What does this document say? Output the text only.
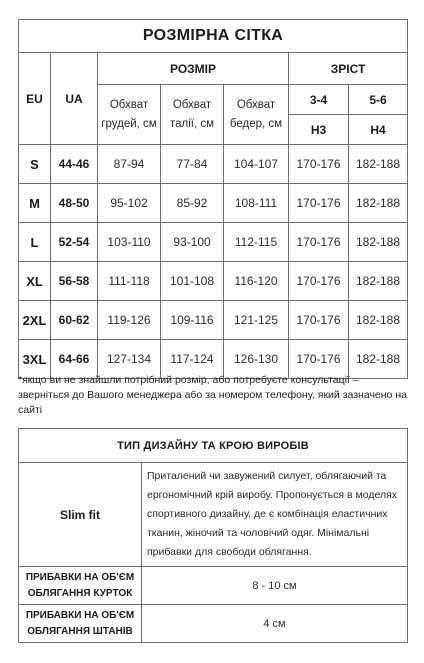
РОЗМІРНА СІТКА						
EU	UA	РОЗМІР			ЗРІСТ	
		Обхват грудей, см	Обхват талії, см	Обхват бедер, см	3-4	5-6
					Н3	Н4
S	44-46	87-94	77-84	104-107	170-176	182-188
M	48-50	95-102	85-92	108-111	170-176	182-188
L	52-54	103-110	93-100	112-115	170-176	182-188
XL	56-58	111-118	101-108	116-120	170-176	182-188
2XL	60-62	119-126	109-116	121-125	170-176	182-188
3XL	64-66	127-134	117-124	126-130	170-176	182-188
*якщо ви не знайшли потрібний розмір, або потребуєте консультації – зверніться до Вашого менеджера або за номером телефону, який зазначено на сайті
ТИП ДИЗАЙНУ ТА КРОЮ ВИРОБІВ	
Slim fit	Приталений чи завужений силует, облягаючий та ергономічний крій виробу. Пропонується в моделях спортивного дизайну, де є комбінація еластичних тканин, жіночий та чоловічий одяг. Мінімальні прибавки для свободи облягання.
ПРИБАВКИ НА ОБ'ЄМ ОБЛЯГАННЯ КУРТОК	8 - 10 см
ПРИБАВКИ НА ОБ'ЄМ ОБЛЯГАННЯ ШТАНІВ	4 см
